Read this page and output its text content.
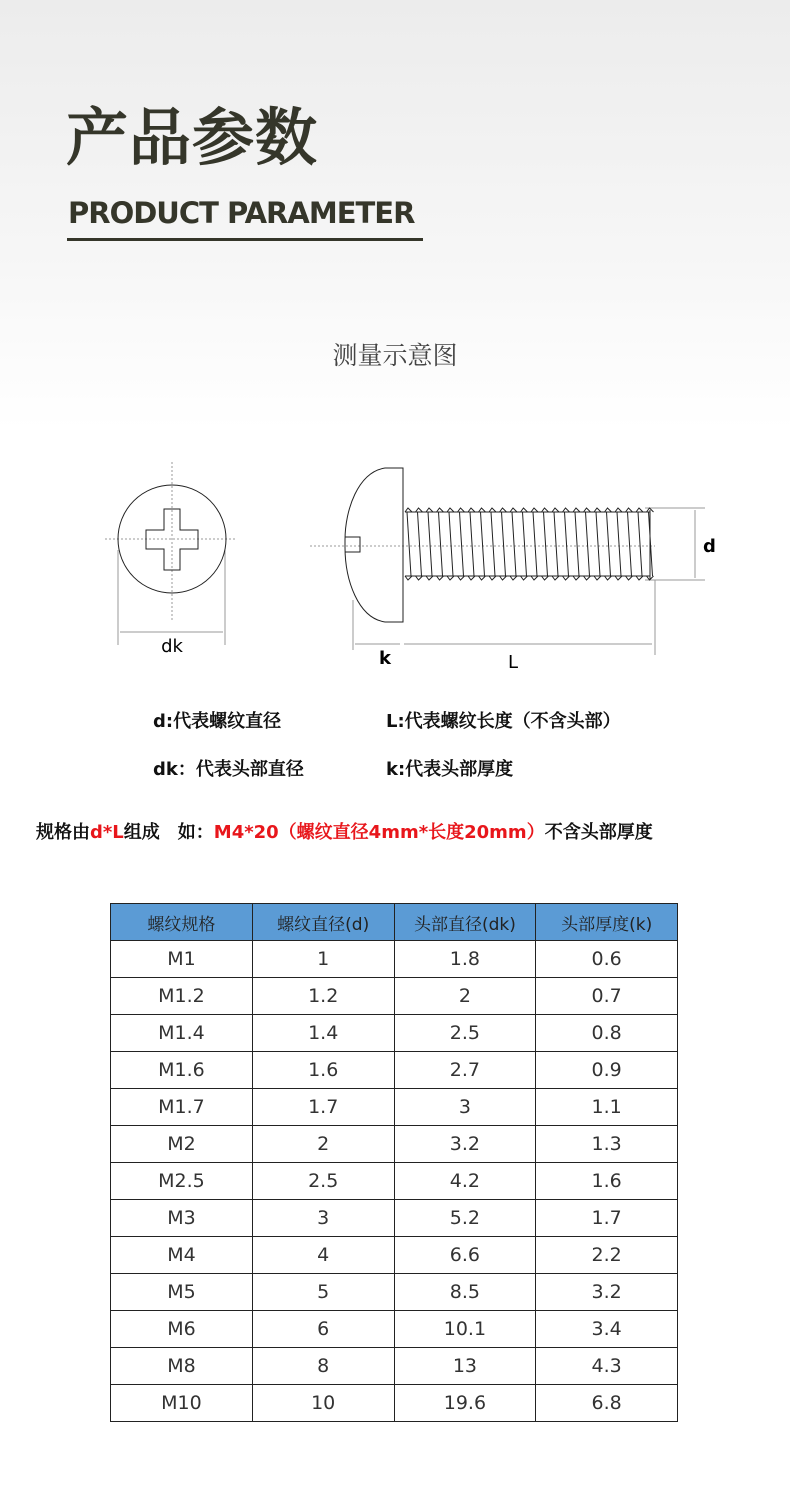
产品参数
PRODUCT PARAMETER
测量示意图
dk
k	L
d
d:代表螺纹直径	L:代表螺纹长度（不含头部）
dk：代表头部直径	k:代表头部厚度
规格由d*L组成　如：M4*20（螺纹直径4mm*长度20mm）不含头部厚度
螺纹规格	螺纹直径(d)	头部直径(dk)	头部厚度(k)
M1	1	1.8	0.6
M1.2	1.2	2	0.7
M1.4	1.4	2.5	0.8
M1.6	1.6	2.7	0.9
M1.7	1.7	3	1.1
M2	2	3.2	1.3
M2.5	2.5	4.2	1.6
M3	3	5.2	1.7
M4	4	6.6	2.2
M5	5	8.5	3.2
M6	6	10.1	3.4
M8	8	13	4.3
M10	10	19.6	6.8
